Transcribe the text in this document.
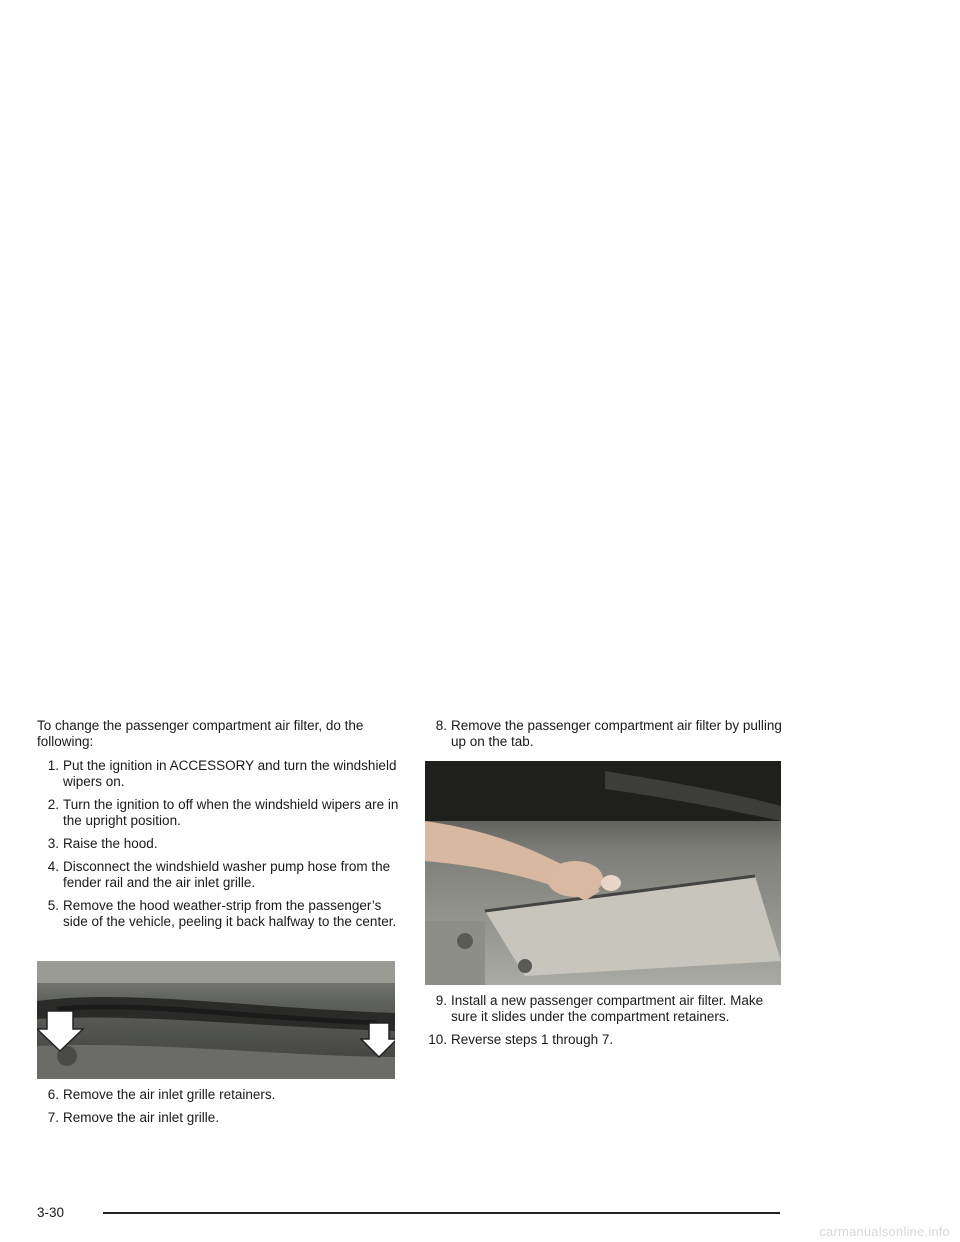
To change the passenger compartment air filter, do the following:

1. Put the ignition in ACCESSORY and turn the windshield wipers on.
2. Turn the ignition to off when the windshield wipers are in the upright position.
3. Raise the hood.
4. Disconnect the windshield washer pump hose from the fender rail and the air inlet grille.
5. Remove the hood weather-strip from the passenger’s side of the vehicle, peeling it back halfway to the center.
6. Remove the air inlet grille retainers.
7. Remove the air inlet grille.
8. Remove the passenger compartment air filter by pulling up on the tab.
9. Install a new passenger compartment air filter. Make sure it slides under the compartment retainers.
10. Reverse steps 1 through 7.
3-30
carmanualsonline.info
